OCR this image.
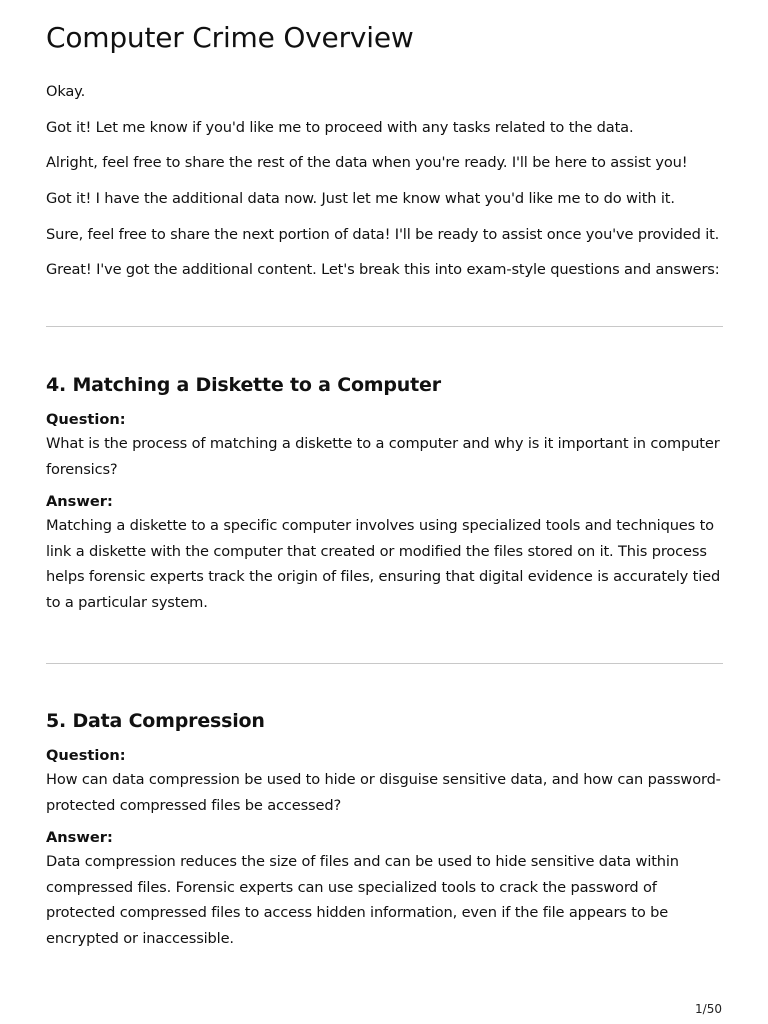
Computer Crime Overview

Okay.

Got it! Let me know if you'd like me to proceed with any tasks related to the data.

Alright, feel free to share the rest of the data when you're ready. I'll be here to assist you!

Got it! I have the additional data now. Just let me know what you'd like me to do with it.

Sure, feel free to share the next portion of data! I'll be ready to assist once you've provided it.

Great! I've got the additional content. Let's break this into exam-style questions and answers:

4. Matching a Diskette to a Computer

Question:

What is the process of matching a diskette to a computer and why is it important in computer forensics?

Answer:

Matching a diskette to a specific computer involves using specialized tools and techniques to link a diskette with the computer that created or modified the files stored on it. This process helps forensic experts track the origin of files, ensuring that digital evidence is accurately tied to a particular system.

5. Data Compression

Question:

How can data compression be used to hide or disguise sensitive data, and how can password-protected compressed files be accessed?

Answer:

Data compression reduces the size of files and can be used to hide sensitive data within compressed files. Forensic experts can use specialized tools to crack the password of protected compressed files to access hidden information, even if the file appears to be encrypted or inaccessible.

1/50
